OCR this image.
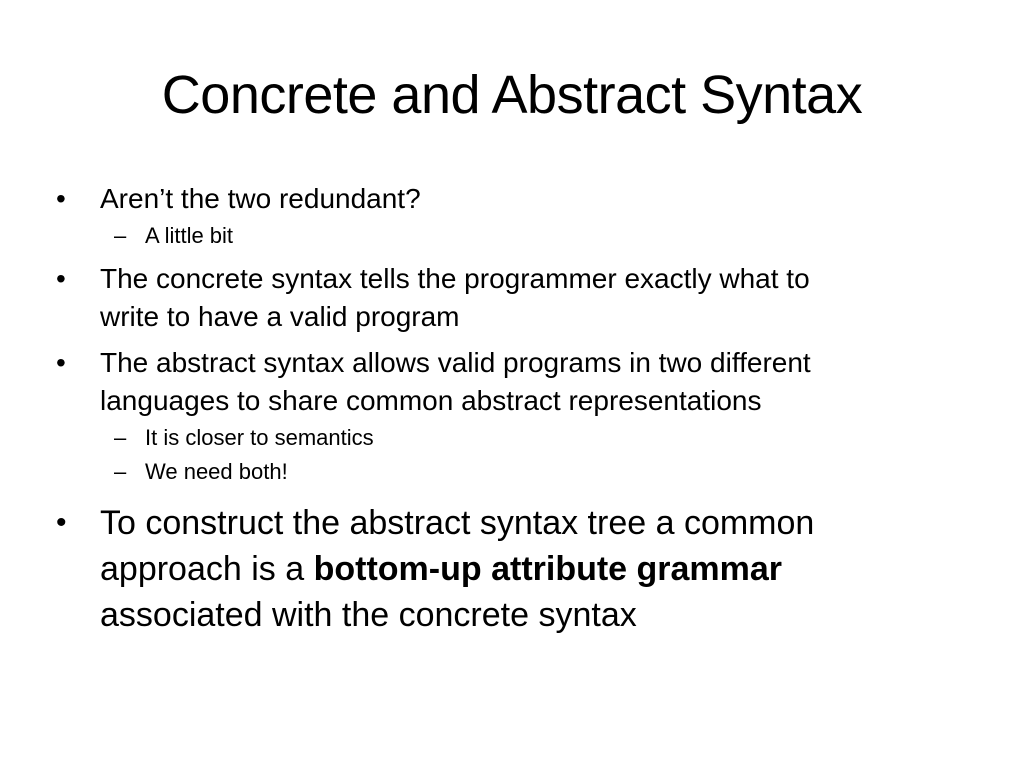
Concrete and Abstract Syntax
•	Aren’t the two redundant?
– A little bit
•	The concrete syntax tells the programmer exactly what to
write to have a valid program
•	The abstract syntax allows valid programs in two different
languages to share common abstract representations
– It is closer to semantics
– We need both!
• To construct the abstract syntax tree a common
approach is a bottom-up attribute grammar
associated with the concrete syntax
